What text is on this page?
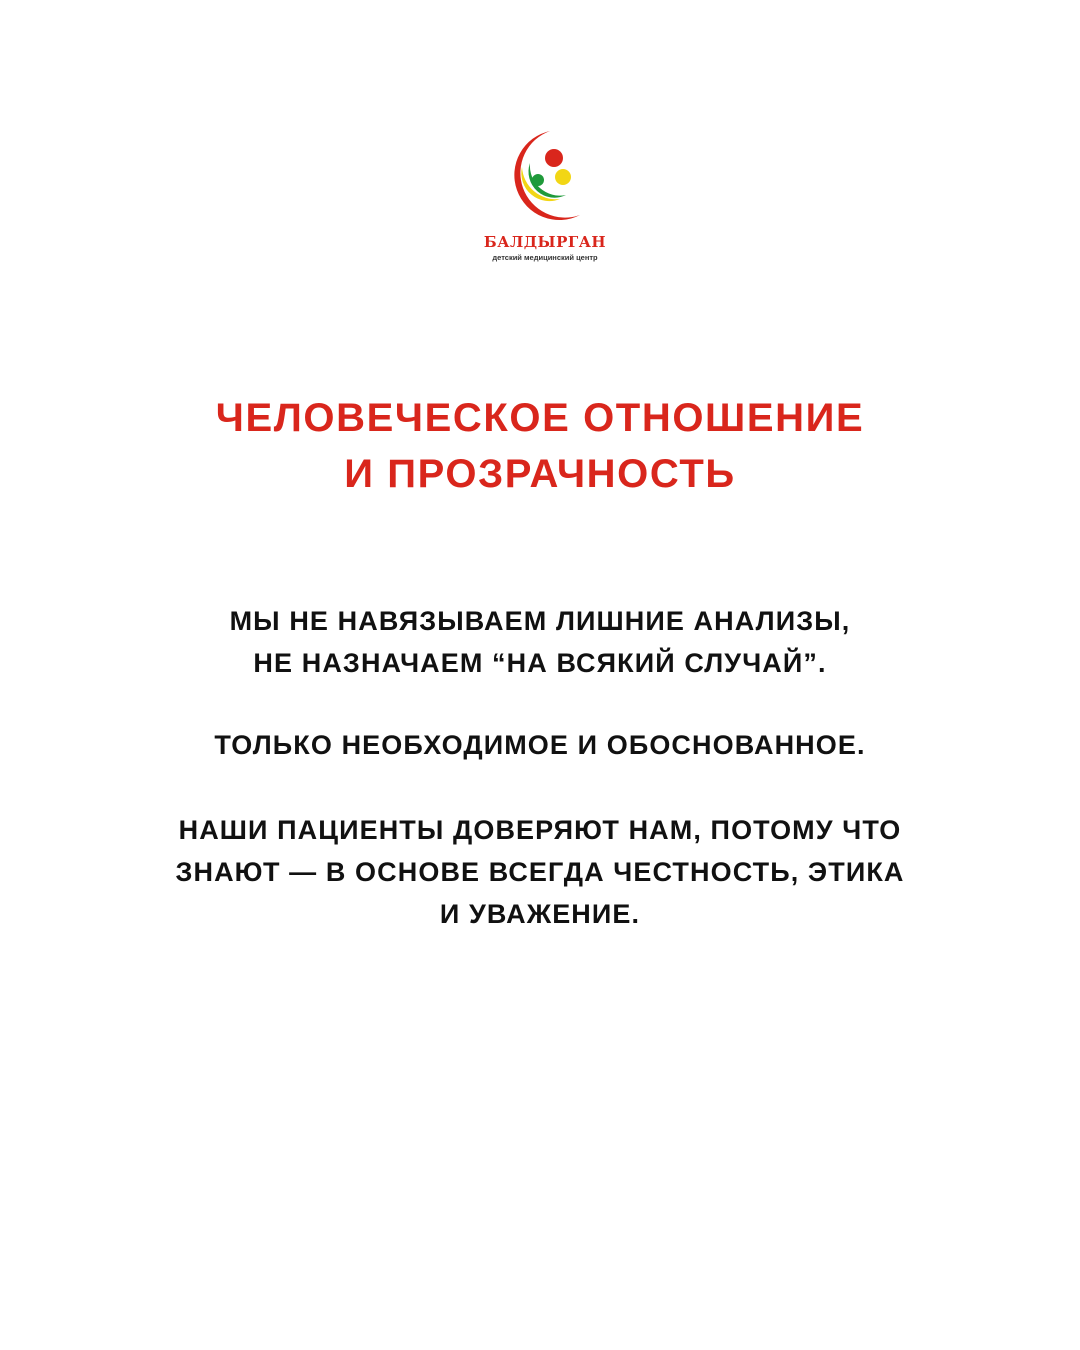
БАЛДЫРГАН
детский медицинский центр
ЧЕЛОВЕЧЕСКОЕ ОТНОШЕНИЕ
И ПРОЗРАЧНОСТЬ
МЫ НЕ НАВЯЗЫВАЕМ ЛИШНИЕ АНАЛИЗЫ,
НЕ НАЗНАЧАЕМ “НА ВСЯКИЙ СЛУЧАЙ”.
ТОЛЬКО НЕОБХОДИМОЕ И ОБОСНОВАННОЕ.
НАШИ ПАЦИЕНТЫ ДОВЕРЯЮТ НАМ, ПОТОМУ ЧТО
ЗНАЮТ — В ОСНОВЕ ВСЕГДА ЧЕСТНОСТЬ, ЭТИКА
И УВАЖЕНИЕ.
